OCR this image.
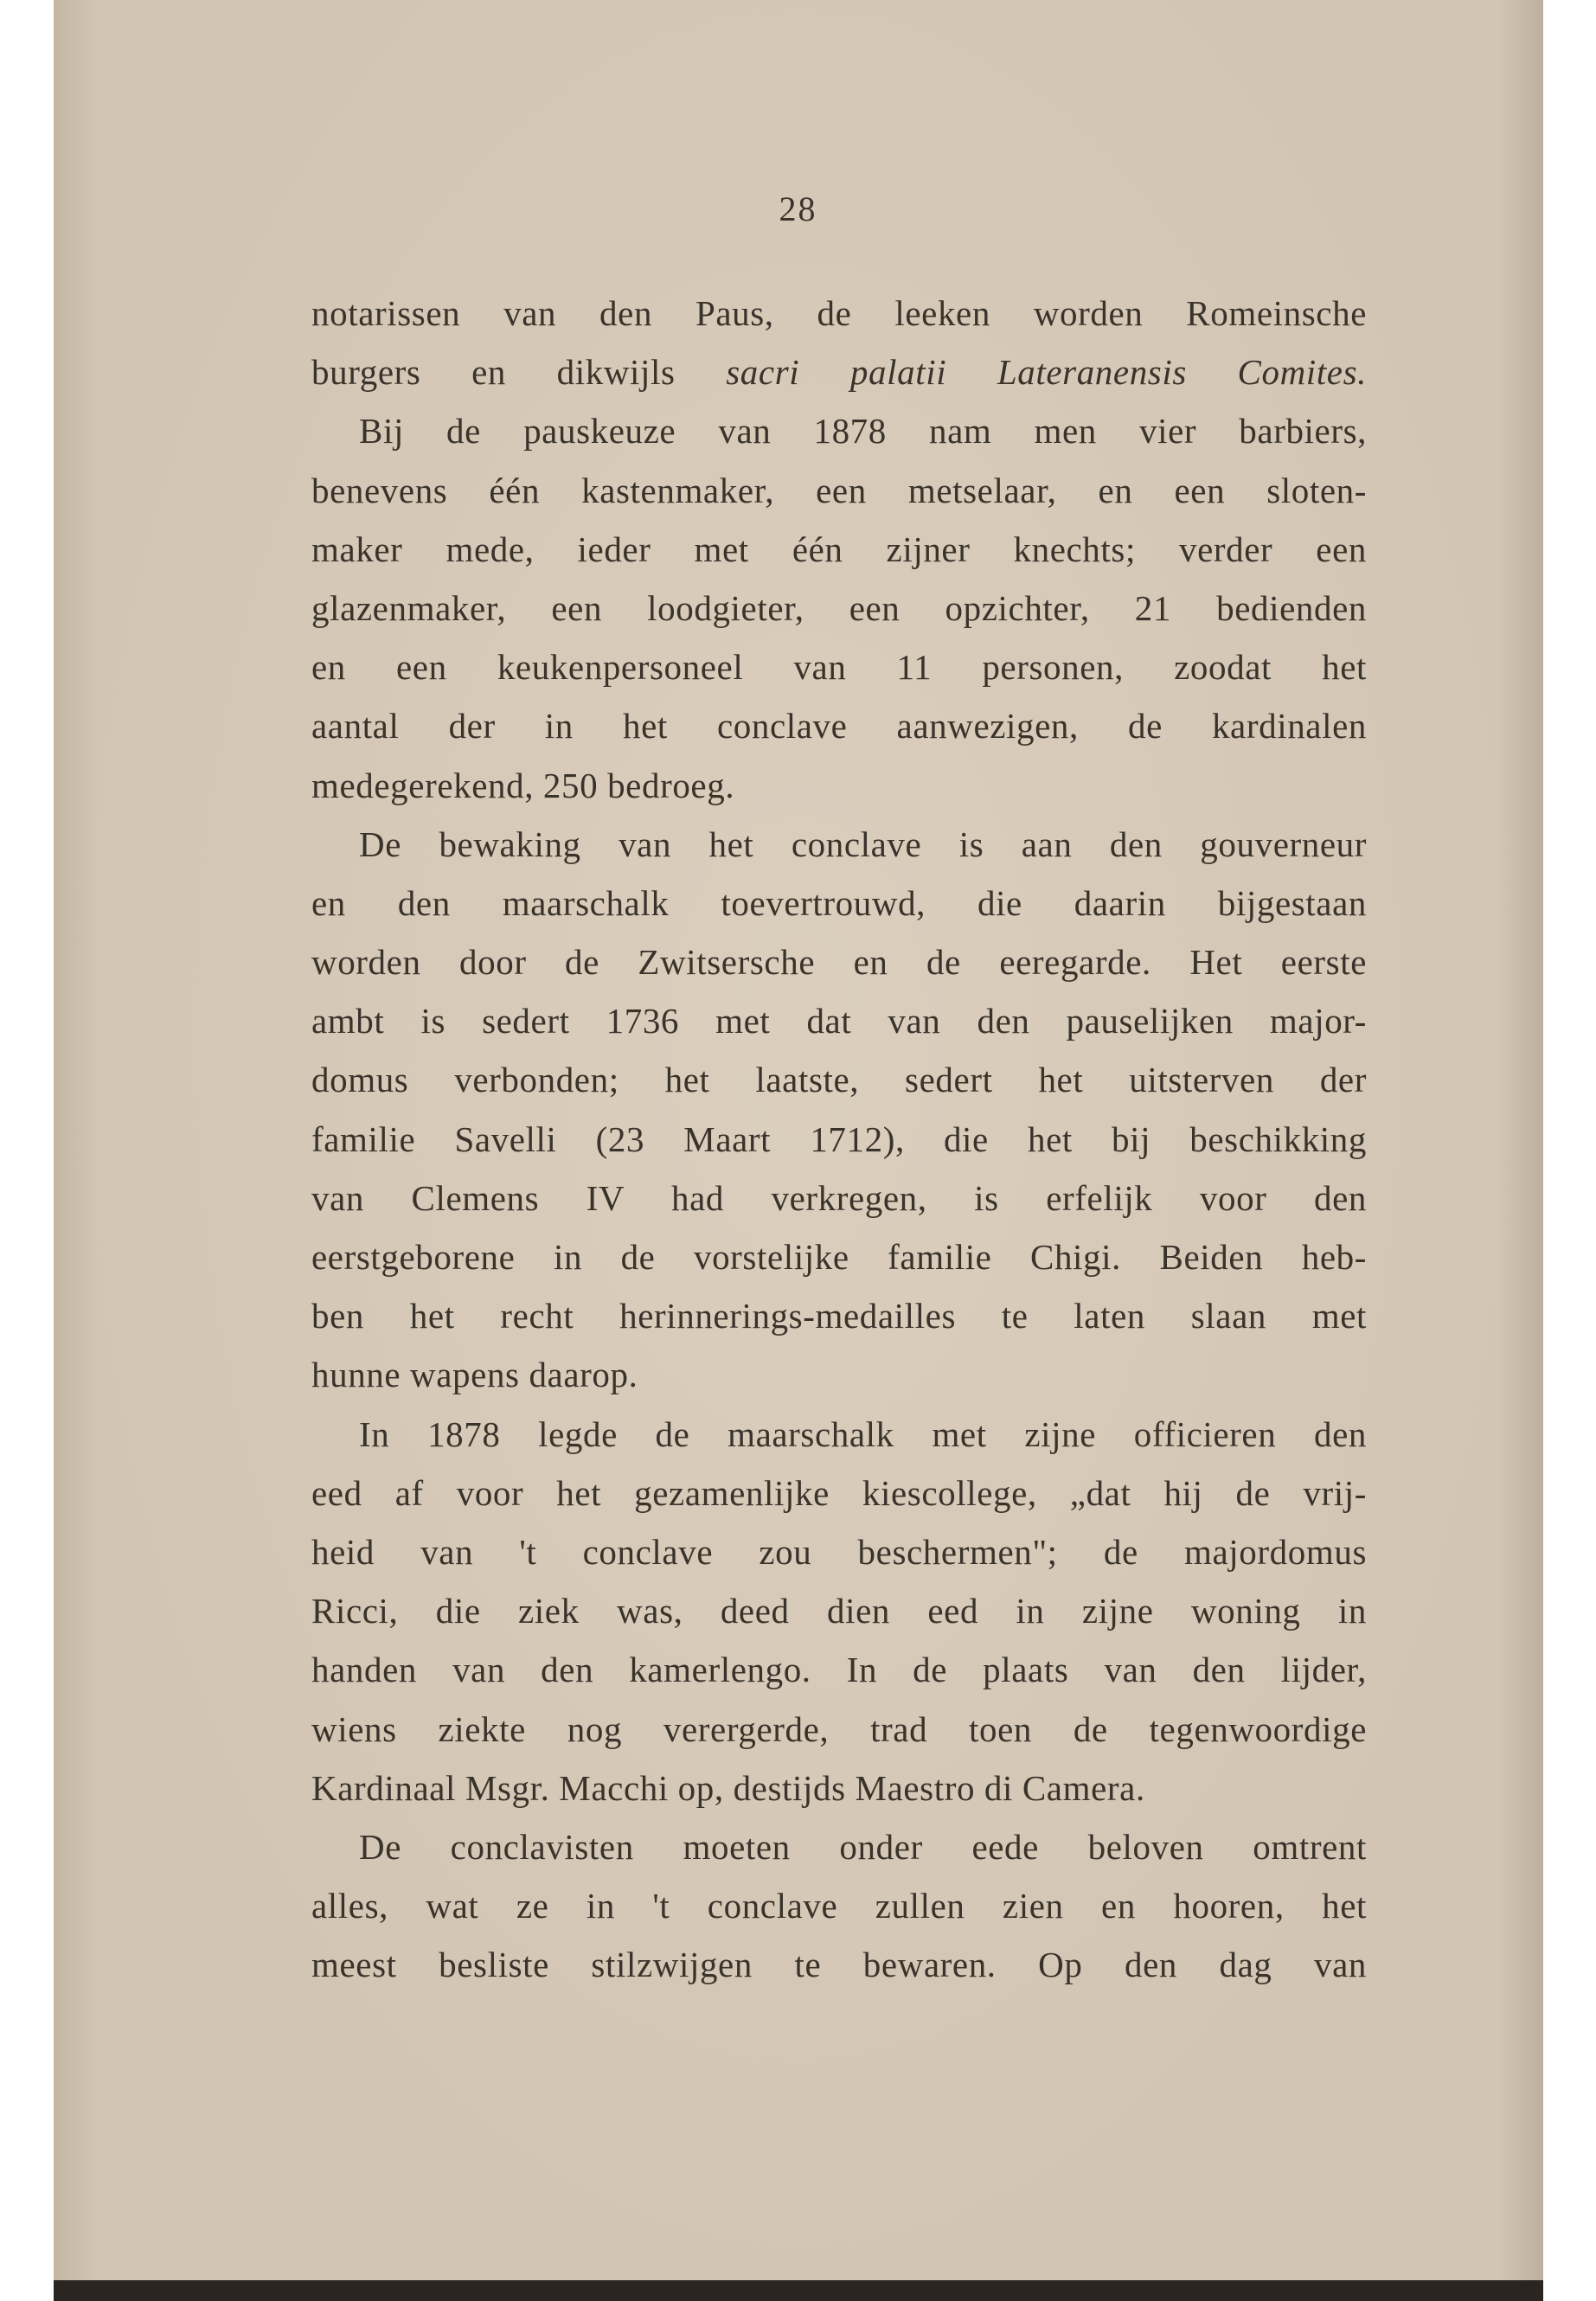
28
notarissen van den Paus, de leeken worden Romeinsche
burgers en dikwijls sacri palatii Lateranensis Comites.
Bij de pauskeuze van 1878 nam men vier barbiers,
benevens één kastenmaker, een metselaar, en een sloten-
maker mede, ieder met één zijner knechts; verder een
glazenmaker, een loodgieter, een opzichter, 21 bedienden
en een keukenpersoneel van 11 personen, zoodat het
aantal der in het conclave aanwezigen, de kardinalen
medegerekend, 250 bedroeg.
De bewaking van het conclave is aan den gouverneur
en den maarschalk toevertrouwd, die daarin bijgestaan
worden door de Zwitsersche en de eeregarde. Het eerste
ambt is sedert 1736 met dat van den pauselijken major-
domus verbonden; het laatste, sedert het uitsterven der
familie Savelli (23 Maart 1712), die het bij beschikking
van Clemens IV had verkregen, is erfelijk voor den
eerstgeborene in de vorstelijke familie Chigi. Beiden heb-
ben het recht herinnerings-medailles te laten slaan met
hunne wapens daarop.
In 1878 legde de maarschalk met zijne officieren den
eed af voor het gezamenlijke kiescollege, „dat hij de vrij-
heid van 't conclave zou beschermen"; de majordomus
Ricci, die ziek was, deed dien eed in zijne woning in
handen van den kamerlengo. In de plaats van den lijder,
wiens ziekte nog verergerde, trad toen de tegenwoordige
Kardinaal Msgr. Macchi op, destijds Maestro di Camera.
De conclavisten moeten onder eede beloven omtrent
alles, wat ze in 't conclave zullen zien en hooren, het
meest besliste stilzwijgen te bewaren. Op den dag van
